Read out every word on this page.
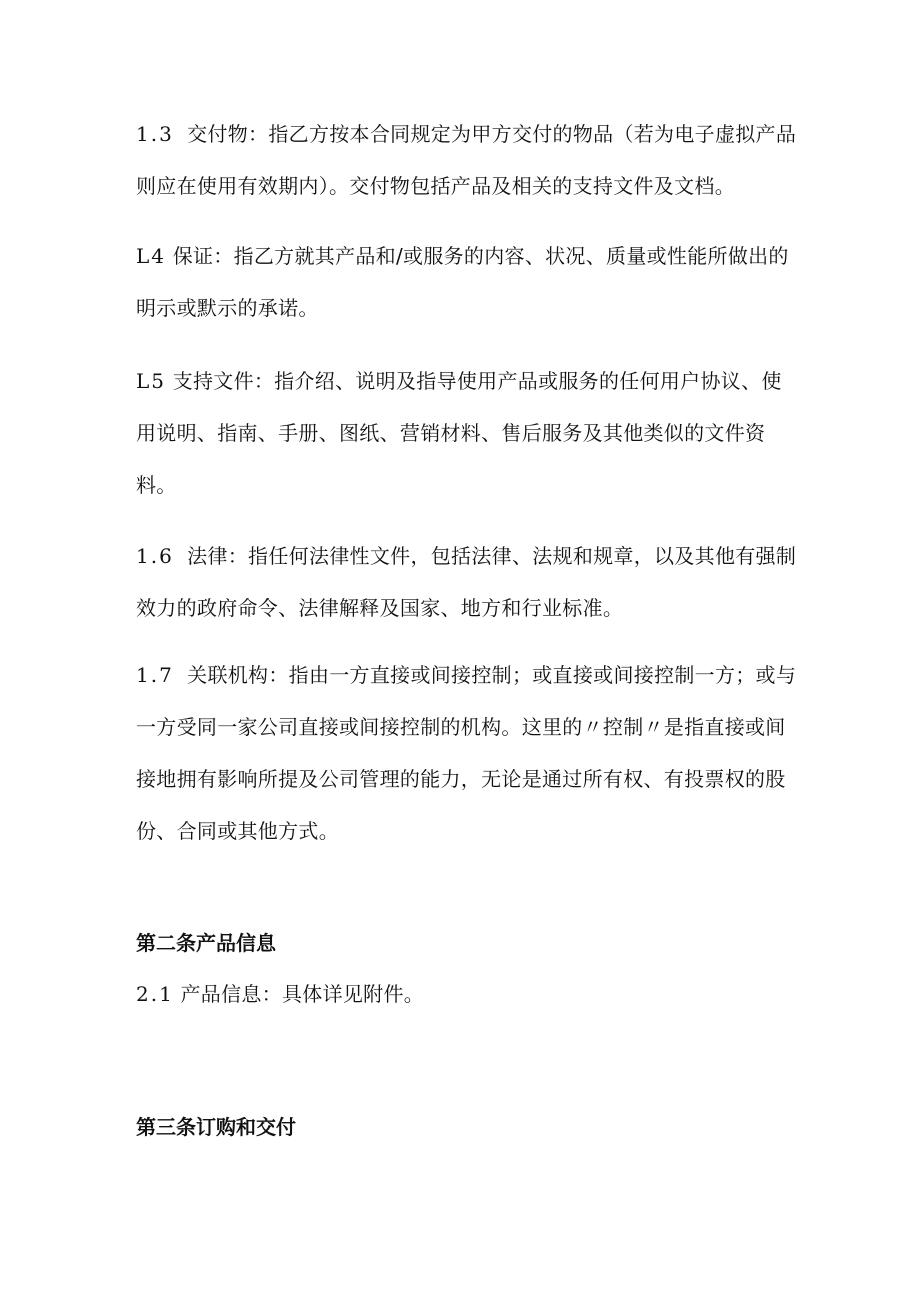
1.3 交付物：指乙方按本合同规定为甲方交付的物品（若为电子虚拟产品
则应在使用有效期内）。交付物包括产品及相关的支持文件及文档。

L4 保证：指乙方就其产品和/或服务的内容、状况、质量或性能所做出的
明示或默示的承诺。

L5 支持文件：指介绍、说明及指导使用产品或服务的任何用户协议、使
用说明、指南、手册、图纸、营销材料、售后服务及其他类似的文件资
料。

1.6 法律：指任何法律性文件，包括法律、法规和规章，以及其他有强制
效力的政府命令、法律解释及国家、地方和行业标准。

1.7 关联机构：指由一方直接或间接控制；或直接或间接控制一方；或与
一方受同一家公司直接或间接控制的机构。这里的〃控制〃是指直接或间
接地拥有影响所提及公司管理的能力，无论是通过所有权、有投票权的股
份、合同或其他方式。

第二条产品信息

2.1 产品信息：具体详见附件。

第三条订购和交付
